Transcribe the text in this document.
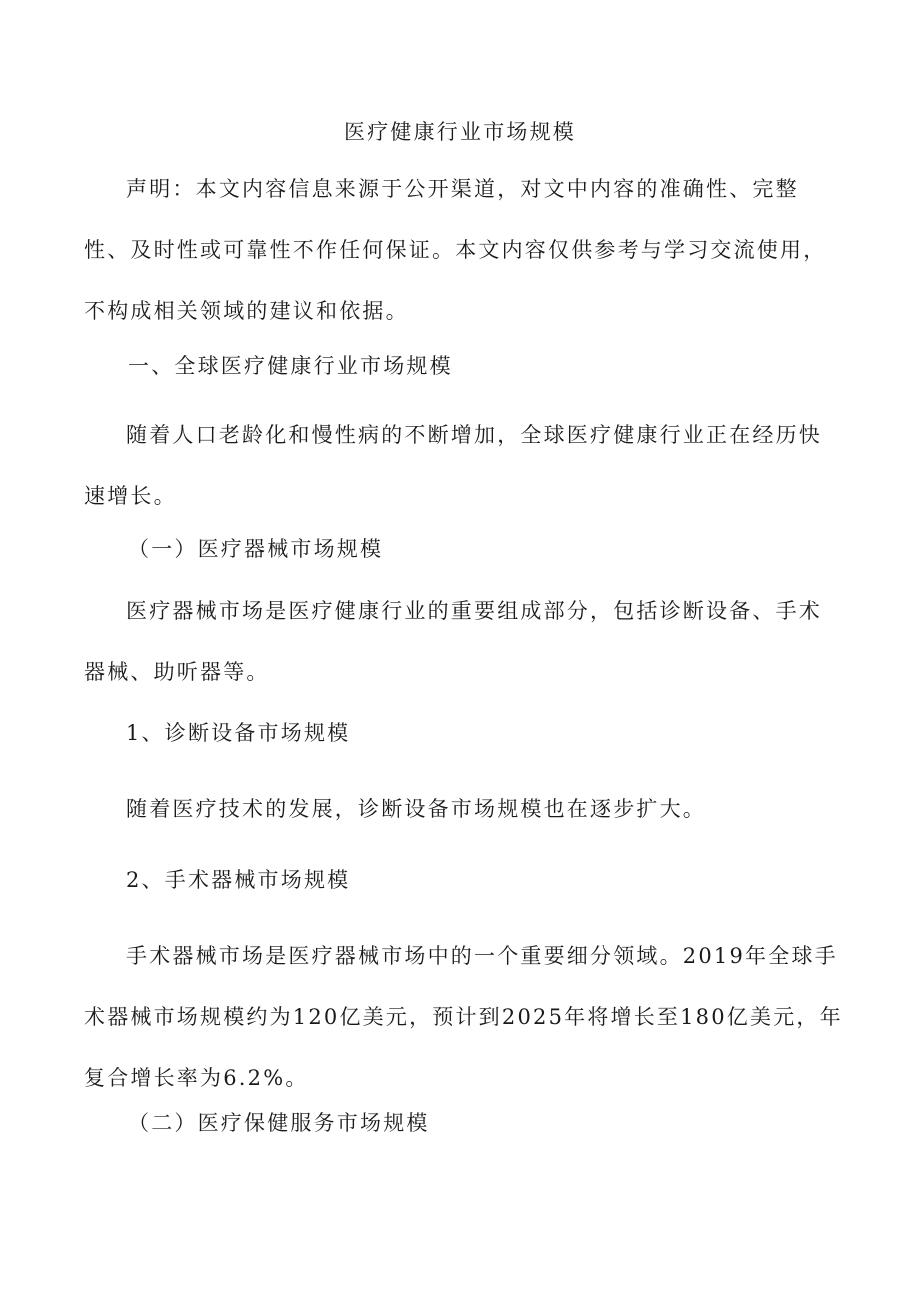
医疗健康行业市场规模
声明：本文内容信息来源于公开渠道，对文中内容的准确性、完整性、及时性或可靠性不作任何保证。本文内容仅供参考与学习交流使用，不构成相关领域的建议和依据。
一、全球医疗健康行业市场规模
随着人口老龄化和慢性病的不断增加，全球医疗健康行业正在经历快速增长。
（一）医疗器械市场规模
医疗器械市场是医疗健康行业的重要组成部分，包括诊断设备、手术器械、助听器等。
1、诊断设备市场规模
随着医疗技术的发展，诊断设备市场规模也在逐步扩大。
2、手术器械市场规模
手术器械市场是医疗器械市场中的一个重要细分领域。2019年全球手术器械市场规模约为120亿美元，预计到2025年将增长至180亿美元，年复合增长率为6.2%。
（二）医疗保健服务市场规模
